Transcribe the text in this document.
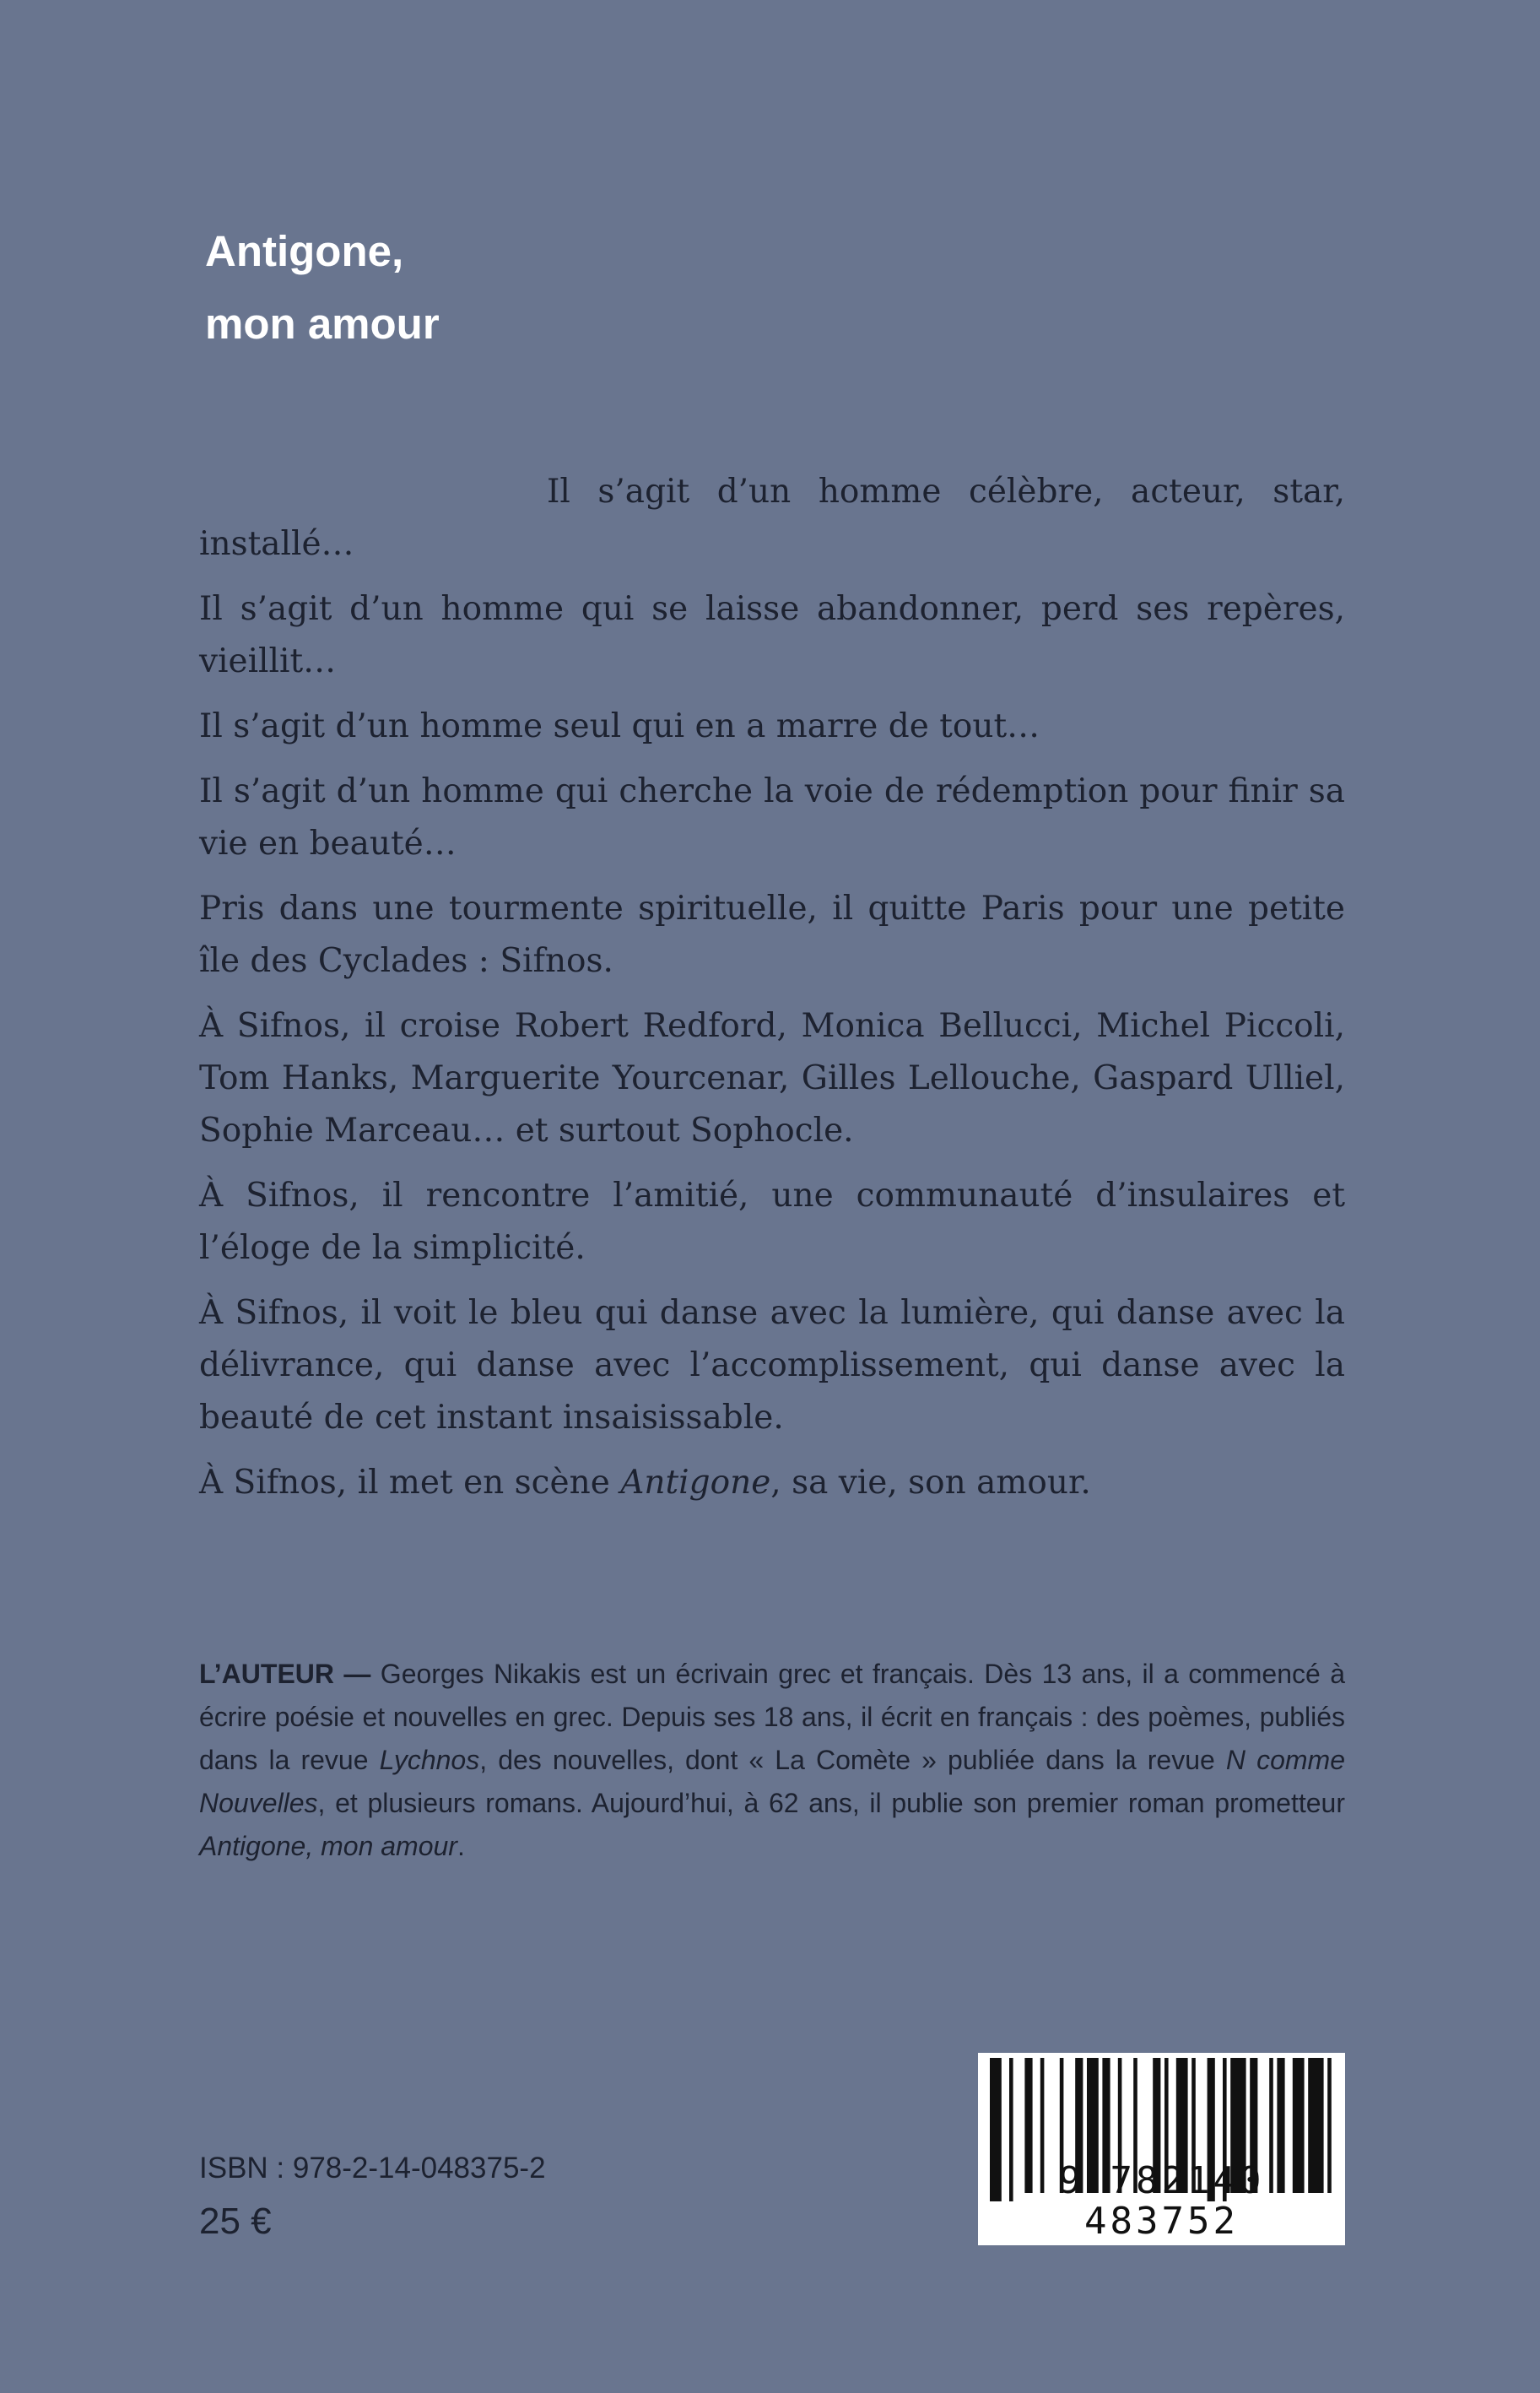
Antigone,
mon amour

Il s’agit d’un homme célèbre, acteur, star, installé…

Il s’agit d’un homme qui se laisse abandonner, perd ses repères, vieillit…

Il s’agit d’un homme seul qui en a marre de tout…

Il s’agit d’un homme qui cherche la voie de rédemption pour finir sa vie en beauté…

Pris dans une tourmente spirituelle, il quitte Paris pour une petite île des Cyclades : Sifnos.

À Sifnos, il croise Robert Redford, Monica Bellucci, Michel Piccoli, Tom Hanks, Marguerite Yourcenar, Gilles Lellouche, Gaspard Ulliel, Sophie Marceau… et surtout Sophocle.

À Sifnos, il rencontre l’amitié, une communauté d’insulaires et l’éloge de la simplicité.

À Sifnos, il voit le bleu qui danse avec la lumière, qui danse avec la délivrance, qui danse avec l’accomplissement, qui danse avec la beauté de cet instant insaisissable.

À Sifnos, il met en scène Antigone, sa vie, son amour.

L’AUTEUR — Georges Nikakis est un écrivain grec et français. Dès 13 ans, il a commencé à écrire poésie et nouvelles en grec. Depuis ses 18 ans, il écrit en français : des poèmes, publiés dans la revue Lychnos, des nouvelles, dont « La Comète » publiée dans la revue N comme Nouvelles, et plusieurs romans. Aujourd’hui, à 62 ans, il publie son premier roman prometteur Antigone, mon amour.

ISBN : 978-2-14-048375-2
25 €
9 782140 483752
